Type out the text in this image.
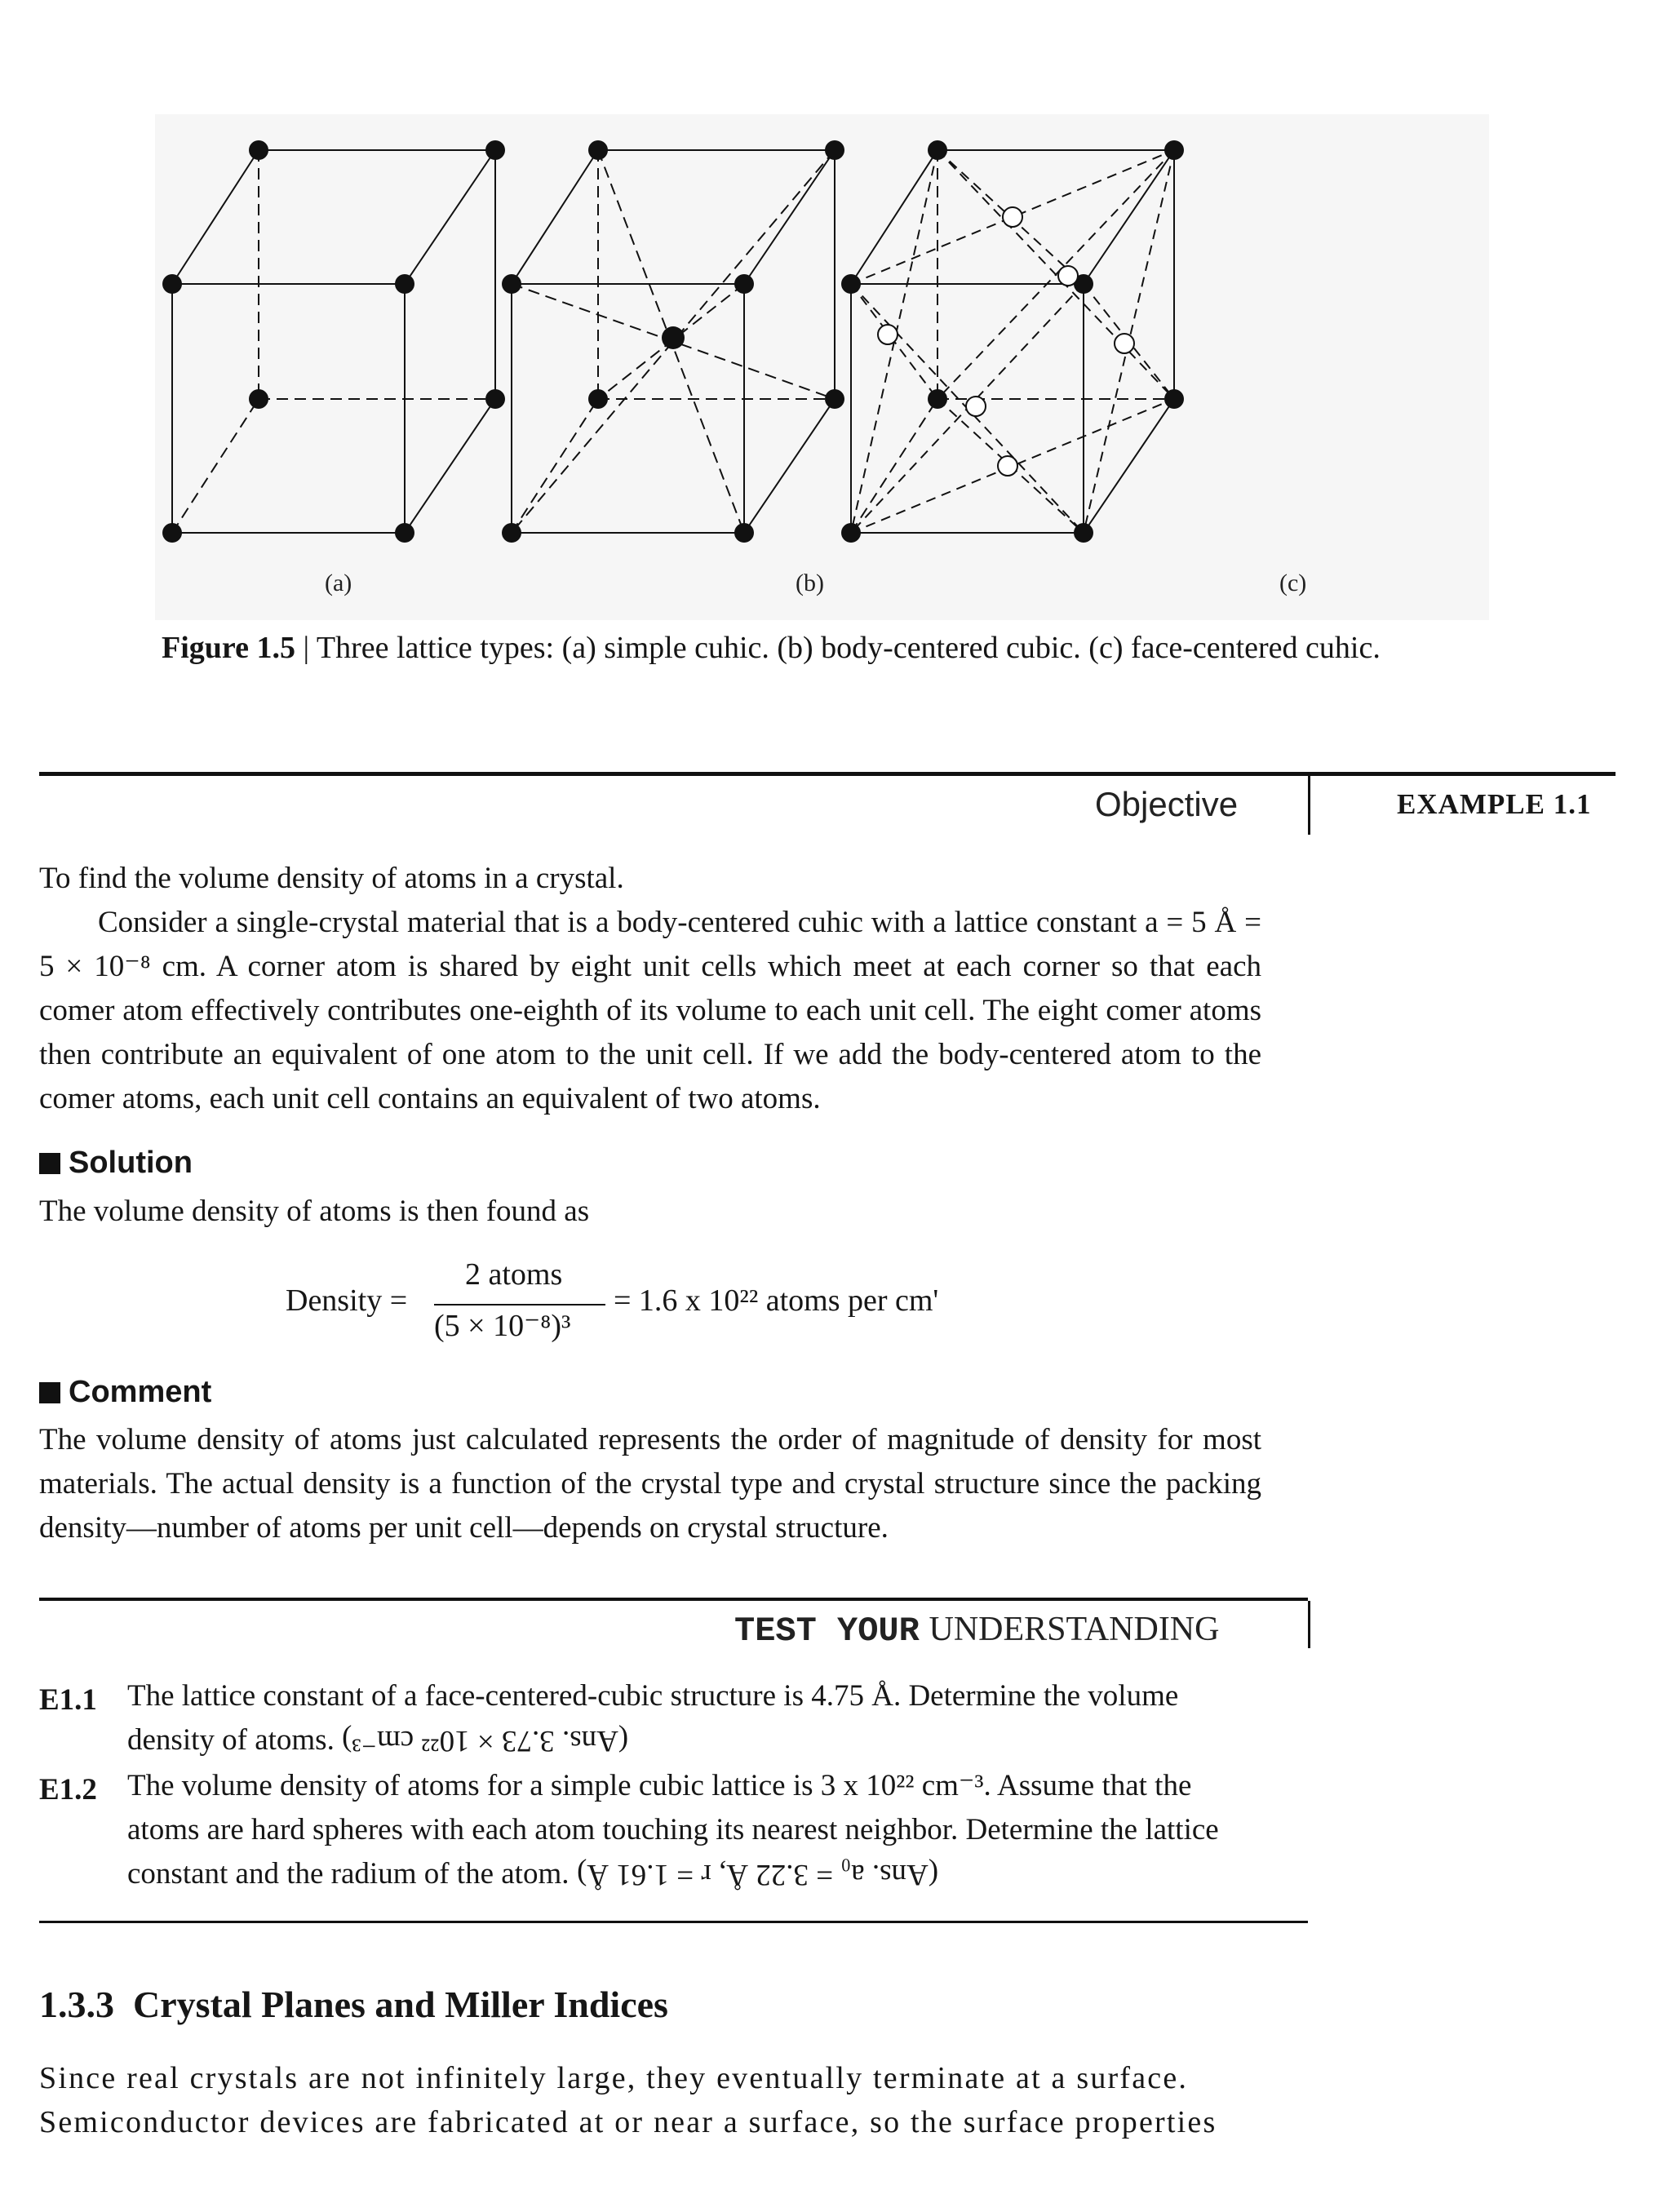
(a)	(b)	(c)
Figure 1.5 | Three lattice types: (a) simple cuhic. (b) body-centered cubic. (c) face-centered cuhic.
Objective	EXAMPLE 1.1

To find the volume density of atoms in a crystal.

Consider a single-crystal material that is a body-centered cuhic with a lattice constant a = 5 Å = 5 × 10⁻⁸ cm. A corner atom is shared by eight unit cells which meet at each corner so that each comer atom effectively contributes one-eighth of its volume to each unit cell. The eight comer atoms then contribute an equivalent of one atom to the unit cell. If we add the body-centered atom to the comer atoms, each unit cell contains an equivalent of two atoms.

Solution
The volume density of atoms is then found as
Density =
2 atoms
(5 × 10⁻⁸)³
= 1.6 x 10²² atoms per cm'
Comment
The volume density of atoms just calculated represents the order of magnitude of density for most materials. The actual density is a function of the crystal type and crystal structure since the packing density—number of atoms per unit cell—depends on crystal structure.
TEST YOUR UNDERSTANDING
E1.1 The lattice constant of a face-centered-cubic structure is 4.75 Å. Determine the volume density of atoms. (Ans. 3.73 × 10²² cm⁻³)
E1.2 The volume density of atoms for a simple cubic lattice is 3 x 10²² cm⁻³. Assume that the atoms are hard spheres with each atom touching its nearest neighbor. Determine the lattice constant and the radium of the atom. (Ans. a₀ = 3.22 Å, r = 1.61 Å)
1.3.3 Crystal Planes and Miller Indices
Since real crystals are not infinitely large, they eventually terminate at a surface.
Semiconductor devices are fabricated at or near a surface, so the surface properties
